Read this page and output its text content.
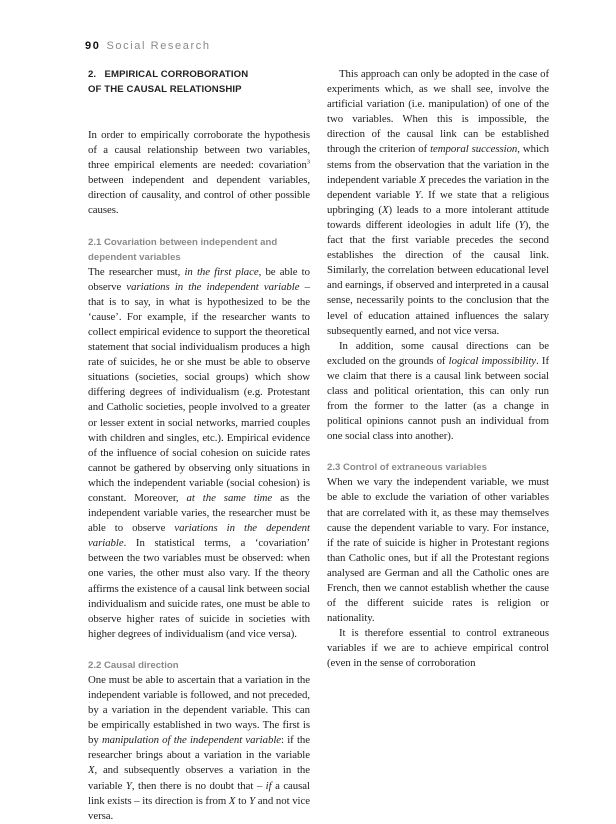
90 Social Research
2. EMPIRICAL CORROBORATION
OF THE CAUSAL RELATIONSHIP

In order to empirically corroborate the hypothesis of a causal relationship between two variables, three empirical elements are needed: covariation$^3$ between independent and dependent variables, direction of causality, and control of other possible causes.

2.1 Covariation between independent and dependent variables

The researcher must, in the first place, be able to observe variations in the independent variable – that is to say, in what is hypothesized to be the ‘cause’. For example, if the researcher wants to collect empirical evidence to support the theoretical statement that social individualism produces a high rate of suicides, he or she must be able to observe situations (societies, social groups) which show differing degrees of individualism (e.g. Protestant and Catholic societies, people involved to a greater or lesser extent in social networks, married couples with children and singles, etc.). Empirical evidence of the influence of social cohesion on suicide rates cannot be gathered by observing only situations in which the independent variable (social cohesion) is constant. Moreover, at the same time as the independent variable varies, the researcher must be able to observe variations in the dependent variable. In statistical terms, a ‘covariation’ between the two variables must be observed: when one varies, the other must also vary. If the theory affirms the existence of a causal link between social individualism and suicide rates, one must be able to observe higher rates of suicide in societies with higher degrees of individualism (and vice versa).

2.2 Causal direction

One must be able to ascertain that a variation in the independent variable is followed, and not preceded, by a variation in the dependent variable. This can be empirically established in two ways. The first is by manipulation of the independent variable: if the researcher brings about a variation in the variable X, and subsequently observes a variation in the variable Y, then there is no doubt that – if a causal link exists – its direction is from X to Y and not vice versa.

This approach can only be adopted in the case of experiments which, as we shall see, involve the artificial variation (i.e. manipulation) of one of the two variables. When this is impossible, the direction of the causal link can be established through the criterion of temporal succession, which stems from the observation that the variation in the independent variable X precedes the variation in the dependent variable Y. If we state that a religious upbringing (X) leads to a more intolerant attitude towards different ideologies in adult life (Y), the fact that the first variable precedes the second establishes the direction of the causal link. Similarly, the correlation between educational level and earnings, if observed and interpreted in a causal sense, necessarily points to the conclusion that the level of education attained influences the salary subsequently earned, and not vice versa.

In addition, some causal directions can be excluded on the grounds of logical impossibility. If we claim that there is a causal link between social class and political orientation, this can only run from the former to the latter (as a change in political opinions cannot push an individual from one social class into another).

2.3 Control of extraneous variables

When we vary the independent variable, we must be able to exclude the variation of other variables that are correlated with it, as these may themselves cause the dependent variable to vary. For instance, if the rate of suicide is higher in Protestant regions than Catholic ones, but if all the Protestant regions analysed are German and all the Catholic ones are French, then we cannot establish whether the cause of the different suicide rates is religion or nationality.

It is therefore essential to control extraneous variables if we are to achieve empirical control (even in the sense of corroboration
